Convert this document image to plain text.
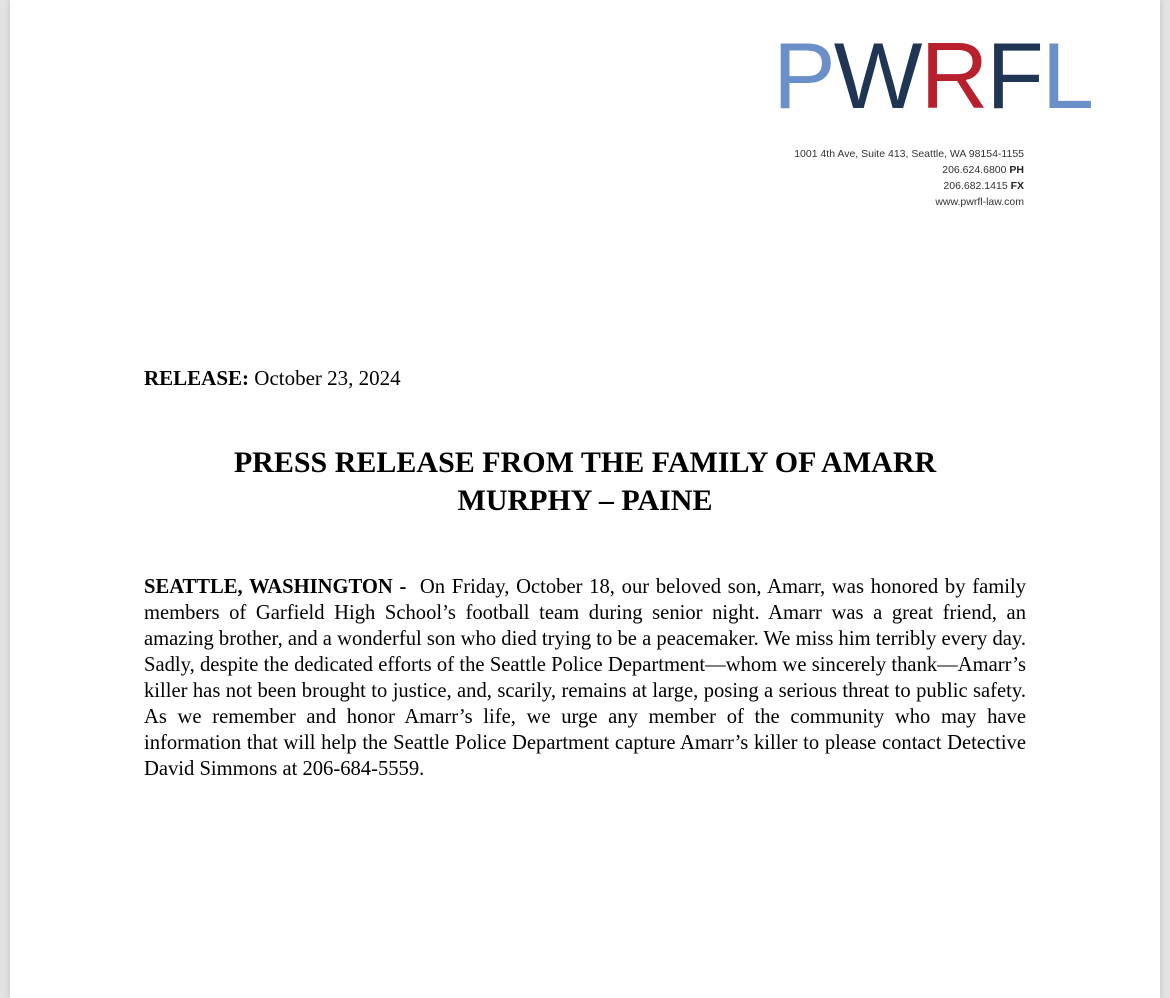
PWRFL
1001 4th Ave, Suite 413, Seattle, WA 98154-1155
206.624.6800 PH
206.682.1415 FX
www.pwrfl-law.com
RELEASE: October 23, 2024
PRESS RELEASE FROM THE FAMILY OF AMARR
MURPHY – PAINE
SEATTLE, WASHINGTON - On Friday, October 18, our beloved son, Amarr, was honored by family members of Garfield High School’s football team during senior night. Amarr was a great friend, an amazing brother, and a wonderful son who died trying to be a peacemaker. We miss him terribly every day. Sadly, despite the dedicated efforts of the Seattle Police Department—whom we sincerely thank—Amarr’s killer has not been brought to justice, and, scarily, remains at large, posing a serious threat to public safety. As we remember and honor Amarr’s life, we urge any member of the community who may have information that will help the Seattle Police Department capture Amarr’s killer to please contact Detective David Simmons at 206-684-5559.
